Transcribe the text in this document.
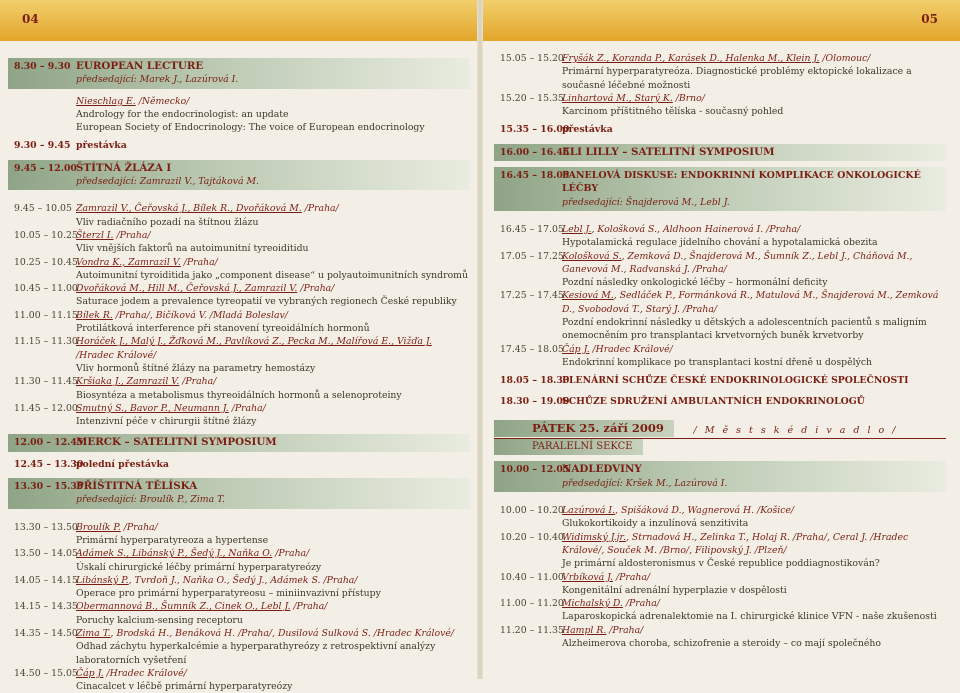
04	05
8.30 – 9.30 EUROPEAN LECTURE
předsedající: Marek J., Lazúrová I.
Nieschlag E. /Německo/
Andrology for the endocrinologist: an update
European Society of Endocrinology: The voice of European endocrinology
9.30 – 9.45 přestávka
9.45 – 12.00 ŠTÍTNÁ ŽLÁZA I
předsedající: Zamrazil V., Tajtáková M.
9.45 – 10.05 Zamrazil V., Čeřovská J., Bílek R., Dvořáková M. /Praha/
Vliv radiačního pozadí na štítnou žlázu
10.05 – 10.25
Šterzl I. /Praha/
Vliv vnějších faktorů na autoimunitní tyreoiditidu
10.25 – 10.45
Vondra K., Zamrazil V. /Praha/
Autoimunitní tyroiditida jako „component disease“ u polyautoimunitních syndromů
10.45 – 11.00
Dvořáková M., Hill M., Čeřovská J., Zamrazil V. /Praha/
Saturace jodem a prevalence tyreopatií ve vybraných regionech České republiky
11.00 – 11.15
Bílek R. /Praha/, Bičíková V. /Mladá Boleslav/
Protilátková interference při stanovení tyreoidálních hormonů
11.15 – 11.30
Horáček J., Malý J., Žďková M., Pavlíková Z., Pecka M., Malířová E., Vižďa J. /Hradec Králové/
Vliv hormonů štítné žlázy na parametry hemostázy
11.30 – 11.45
Kršiaka J., Zamrazil V. /Praha/
Biosyntéza a metabolismus thyreoidálních hormonů a selenoproteiny
11.45 – 12.00
Smutný S., Bavor P., Neumann J. /Praha/
Intenzivní péče v chirurgii štítné žlázy
12.00 – 12.45
MERCK – SATELITNÍ SYMPOSIUM
12.45 – 13.30
polední přestávka
13.30 – 15.35
PŘÍŠTITNÁ TĚLÍSKA
předsedající: Broulík P., Zima T.
13.30 – 13.50
Broulík P. /Praha/
Primární hyperparatyreoza a hypertense
13.50 – 14.05
Adámek S., Libánský P., Šedý J., Naňka O. /Praha/
Úskalí chirurgické léčby primární hyperparatyreózy
14.05 – 14.15
Libánský P., Tvrdoň J., Naňka O., Šedý J., Adámek S. /Praha/
Operace pro primární hyperparatyreosu – miniinvazivní přístupy
14.15 – 14.35
Obermannová B., Šumník Z., Cinek O., Lebl J. /Praha/
Poruchy kalcium-sensing receptoru
14.35 – 14.50
Zima T., Brodská H., Benáková H. /Praha/, Dusilová Sulková S. /Hradec Králové/
Odhad záchytu hyperkalcémie a hyperparathyreózy z retrospektivní analýzy laboratorních vyšetření
14.50 – 15.05
Čáp J. /Hradec Králové/
Cinacalcet v léčbě primární hyperparatyreózy
15.05 – 15.20
Fryšák Z., Koranda P., Karásek D., Halenka M., Klein J. /Olomouc/
Primární hyperparatyreóza. Diagnostické problémy ektopické lokalizace a současné léčebné možnosti
15.20 – 15.35
Linhartová M., Starý K. /Brno/
Karcinom příštitného tělíska - současný pohled
15.35 – 16.00
přestávka
16.00 – 16.45
ELI LILLY – SATELITNÍ SYMPOSIUM
16.45 – 18.05
PANELOVÁ DISKUSE: ENDOKRINNÍ KOMPLIKACE ONKOLOGICKÉ LÉČBY
předsedající: Šnajderová M., Lebl J.
16.45 – 17.05
Lebl J., Kološková S., Aldhoon Hainerová I. /Praha/
Hypotalamická regulace jídelního chování a hypotalamická obezita
17.05 – 17.25
Kološková S., Zemková D., Šnajderová M., Šumník Z., Lebl J., Cháňová M., Ganevová M., Radvanská J. /Praha/
Pozdní následky onkologické léčby – hormonální deficity
17.25 – 17.45
Kesiová M., Sedláček P., Formánková R., Matulová M., Šnajderová M., Zemková D., Svobodová T., Starý J. /Praha/
Pozdní endokrinní následky u dětských a adolescentních pacientů s maligním onemocněním pro transplantaci krvetvorných buněk krvetvorby
17.45 – 18.05
Čáp J. /Hradec Králové/
Endokrinní komplikace po transplantaci kostní dřeně u dospělých
18.05 – 18.30
PLENÁRNÍ SCHŮZE ČESKÉ ENDOKRINOLOGICKÉ SPOLEČNOSTI
18.30 – 19.00
SCHŮZE SDRUŽENÍ AMBULANTNÍCH ENDOKRINOLOGŮ
PÁTEK 25. září 2009	/ M ě s t s k é d i v a d l o /
PARALELNÍ SEKCE
10.00 – 12.05
NADLEDVINY
předsedající: Kršek M., Lazúrová I.
10.00 – 10.20
Lazúrová I., Spišáková D., Wagnerová H. /Košice/
Glukokortikoidy a inzulínová senzitivita
10.20 – 10.40
Widimský J.jr., Strnadová H., Zelinka T., Holaj R. /Praha/, Ceral J. /Hradec Králové/, Souček M. /Brno/, Filipovský J. /Plzeň/
Je primární aldosteronismus v České republice poddiagnostikován?
10.40 – 11.00
Vrbíková J. /Praha/
Kongenitální adrenální hyperplazie v dospělosti
11.00 – 11.20
Michalský D. /Praha/
Laparoskopická adrenalektomie na I. chirurgické klinice VFN - naše zkušenosti
11.20 – 11.35
Hampl R. /Praha/
Alzheimerova choroba, schizofrenie a steroidy – co mají společného
